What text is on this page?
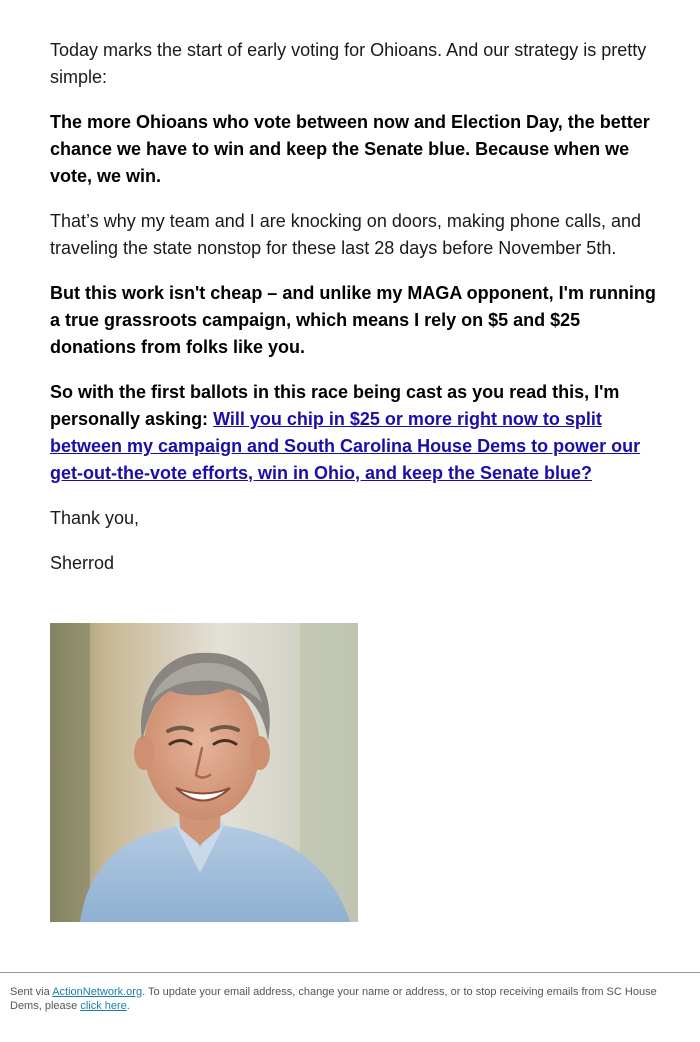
Today marks the start of early voting for Ohioans. And our strategy is pretty simple:

The more Ohioans who vote between now and Election Day, the better chance we have to win and keep the Senate blue. Because when we vote, we win.

That’s why my team and I are knocking on doors, making phone calls, and traveling the state nonstop for these last 28 days before November 5th.

But this work isn't cheap – and unlike my MAGA opponent, I'm running a true grassroots campaign, which means I rely on $5 and $25 donations from folks like you.

So with the first ballots in this race being cast as you read this, I'm personally asking: Will you chip in $25 or more right now to split between my campaign and South Carolina House Dems to power our get-out-the-vote efforts, win in Ohio, and keep the Senate blue?

Thank you,

Sherrod

Sent via ActionNetwork.org. To update your email address, change your name or address, or to stop receiving emails from SC House Dems, please click here.
